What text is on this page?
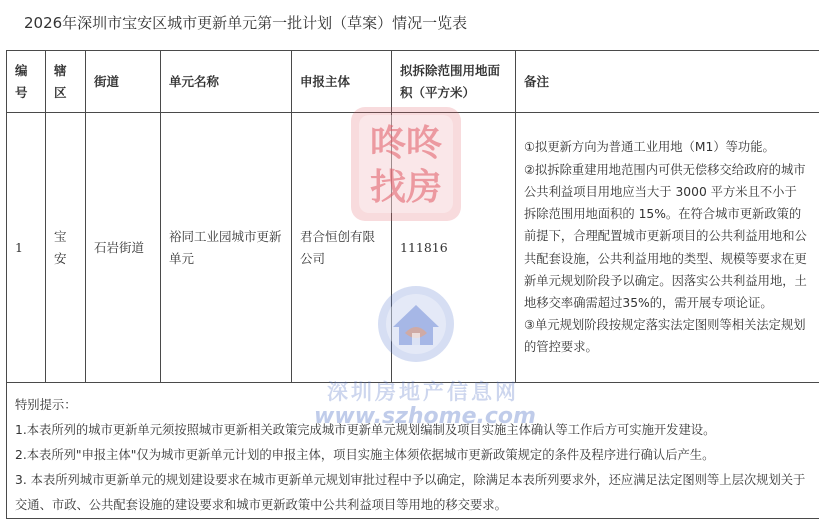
2026年深圳市宝安区城市更新单元第一批计划（草案）情况一览表
编号	辖区	街道	单元名称	申报主体	拟拆除范围用地面积（平方米）	备注
1	宝安	石岩街道	裕同工业园城市更新单元	君合恒创有限公司	111816	①拟更新方向为普通工业用地（M1）等功能。

②拟拆除重建用地范围内可供无偿移交给政府的城市公共利益项目用地应当大于 3000 平方米且不小于拆除范围用地面积的 15%。在符合城市更新政策的前提下，合理配置城市更新项目的公共利益用地和公共配套设施，公共利益用地的类型、规模等要求在更新单元规划阶段予以确定。因落实公共利益用地，土地移交率确需超过35%的，需开展专项论证。

③单元规划阶段按规定落实法定图则等相关法定规划的管控要求。

特别提示：

1.本表所列的城市更新单元须按照城市更新相关政策完成城市更新单元规划编制及项目实施主体确认等工作后方可实施开发建设。

2.本表所列"申报主体"仅为城市更新单元计划的申报主体，项目实施主体须依据城市更新政策规定的条件及程序进行确认后产生。

3. 本表所列城市更新单元的规划建设要求在城市更新单元规划审批过程中予以确定，除满足本表所列要求外，还应满足法定图则等上层次规划关于交通、市政、公共配套设施的建设要求和城市更新政策中公共利益项目等用地的移交要求。						

咚咚
找房
深圳房地产信息网
www.szhome.com
